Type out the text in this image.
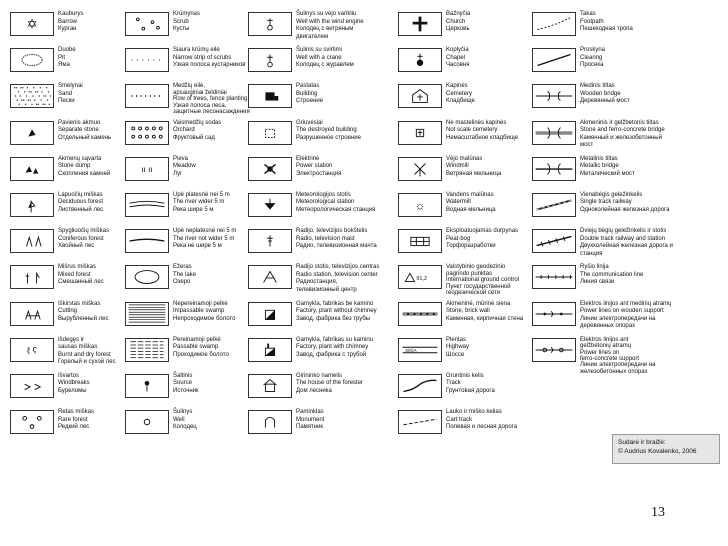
✡
Kauburys
Barrow
Курган
Duobė
Pit
Яма
Smėlynai
Sand
Пески
Pavienis akmuo
Separate stone
Отдельный камень
Akmenų sąvarta
Stone dump
Скопления камней
Lapuočių miškas
Deciduous forest
Лиственный лес
Spygliuočių miškas
Coniferous forest
Хвойный лес
Mišrus miškas
Mixed forest
Смешанный лес
Iškirstas miškas
Cutting
Вырубленный лес
ℓ ʕ
Išdegęs ir
sausas miškas
Burnt and dry forest
Горелый и сухой лес
Išvartos
Windbreaks
Буреломы
Retas miškas
Rare forest
Редкий лес
Krūmynas
Scrub
Кусты
Siaura krūmų eilė
Narrow strip of scrubs
Узкая полоса кустарников
Medžių eilė,
apsauginiai želdiniai
Row of trees, fence planting
Узкая полоса леса,
защитные лесонасаждения
Vaismedžių sodas
Orchard
Фруктовый сад
ıı ıı
Pieva
Meadow
Луг
Upė platesnė nei 5 m
The river wider 5 m
Река шире 5 м
Upė neplatesnė nei 5 m
The river not wider 5 m
Река не шире 5 м
Ežeras
The lake
Озеро
Nepereinamoji pelkė
Impassable swamp
Непроходимое болото
Pereinamoji pelkė
Passable swamp
Проходимое болото
Šaltinis
Source
Источник
Šulinys
Well
Колодец
Šulinys su vėjo varikliu
Well with the wind engine
Колодец с ветряным
двигателем
Šulinis su svirtimi
Well with a crane
Колодец с журавлем
Pastatas
Building
Строение
Griuvėsiai
The destroyed building
Разрушенное строение
Elektrinė
Power station
Электростанция
Meteorologijos stotis
Meteorological station
Метеорологическая станция
Radijo, televizijos bokštelis
Radio, television mast
Радио, телевизионная мачта
Radijo stotis, televizijos centras
Radio station, television center
Радиостанция,
телевизионный центр
Gamykla, fabrikas be kamino
Factory, plant without chimney
Завод, фабрика без трубы
Gamykla, fabrikas su kaminu
Factory, plant with chimney
Завод, фабрика с трубой
Girininko namelis
The house of the forester
Дом лесника
Paminklas
Monument
Памятник
Bažnyčia
Church
Церковь
Koplyčia
Chapel
Часовня
Kapinės
Cemetery
Кладбище
Ne mastelinės kapinės
Not scale cemetery
Немасштабное кладбище
Vėjo malūnas
Windmill
Ветряная мельница
☼
Vandens malūnas
Watermill
Водная мельница
Eksploatuojamas durpynas
Peat-bog
Торфоразработки
91,2
Valstybinio geodezinio
pagrindo punktas
International ground control
Пункт государственной
геодезической сети
Akmeninė, mūrinė siena
Stone, brick wall
Каменная, кирпичная стена
5(8)A
Plentas
Highway
Шоссе
Gruntinis kelis
Track
Грунтовая дорога
Lauko ir miško kelias
Cart track
Полевая и лесная дорога
Takas
Footpath
Пешеходная тропа
Proskyna
Clearing
Просека
Medinis tiltas
Wooden bridge
Деревянный мост
Akmeninis ir gelžbetonis tiltas
Stone and ferro-concrete bridge
Каменный и железобетонный
мост
Metalinis tiltas
Metallic bridge
Металический мост
Vienabėgis geležinkelis
Single track railway
Одноколейная железная дорога
Dviejų bėgių geležinkelis ir stotis
Double track railway and station
Двухколейная железная дорога и
станция
Ryšio linija
The communication line
Линия связи
Elektros linijos ant medinių atramų
Power lines on wooden support
Линии электропередачи на
деревянных опорах
Elektros linijos ant
gelžbetonių atramų
Power lines on
ferro-concrete support
Линии электропередачи на
железобетонных опорах
Sudarė ir braižė:
© Audrius Kovalenko, 2006
13
